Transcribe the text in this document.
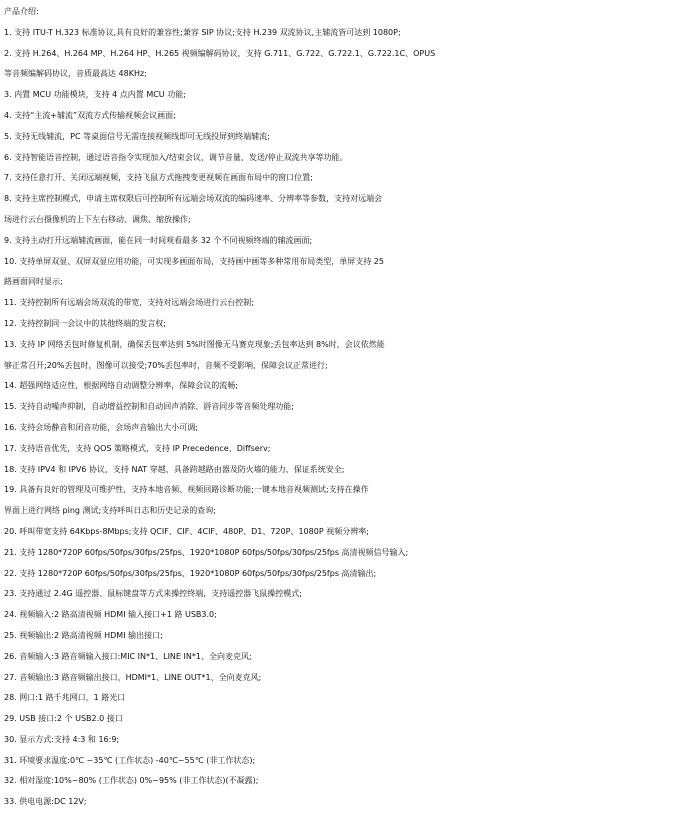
产品介绍:
1. 支持 ITU-T H.323 标准协议,具有良好的兼容性;兼容 SIP 协议;支持 H.239 双流协议,主辅流皆可达到 1080P;
2. 支持 H.264、H.264 MP、H.264 HP、H.265 视频编解码协议，支持 G.711、G.722、G.722.1、G.722.1C、OPUS
等音频编解码协议，音质最高达 48KHz;
3. 内置 MCU 功能模块，支持 4 点内置 MCU 功能;
4. 支持“主流+辅流”双流方式传输视频会议画面;
5. 支持无线辅流，PC 等桌面信号无需连接视频线即可无线投屏到终端辅流;
6. 支持智能语音控制，通过语音指令实现加入/结束会议、调节音量、发送/停止双流共享等功能。
7. 支持任意打开、关闭远端视频，支持飞鼠方式拖拽变更视频在画面布局中的窗口位置;
8. 支持主席控制模式，申请主席权限后可控制所有远端会场双流的编码速率、分辨率等参数，支持对远端会
场进行云台摄像机的上下左右移动、调焦、缩放操作;
9. 支持主动打开远端辅流画面，能在同一时间观看最多 32 个不同视频终端的辅流画面;
10. 支持单屏双显、双屏双显应用功能，可实现多画面布局，支持画中画等多种常用布局类型，单屏支持 25
路画面同时显示;
11. 支持控制所有远端会场双流的带宽，支持对远端会场进行云台控制;
12. 支持控制同一会议中的其他终端的发言权;
13. 支持 IP 网络丢包时修复机制，确保丢包率达到 5%时图像无马赛克现象;丢包率达到 8%时，会议依然能
够正常召开;20%丢包时，图像可以接受;70%丢包率时，音频不受影响，保障会议正常进行;
14. 超强网络适应性，根据网络自动调整分辨率，保障会议的流畅;
15. 支持自动噪声抑制，自动增益控制和自动回声消除、唇音同步等音频处理功能;
16. 支持会场静音和闭音功能，会场声音输出大小可调;
17. 支持语音优先，支持 QOS 策略模式，支持 IP Precedence、Diffserv;
18. 支持 IPV4 和 IPV6 协议，支持 NAT 穿越，具备跨越路由器及防火墙的能力，保证系统安全;
19. 具备有良好的管理及可维护性，支持本地音频、视频回路诊断功能;一键本地音视频测试;支持在操作
界面上进行网络 ping 测试;支持呼叫日志和历史记录的查询;
20. 呼叫带宽支持 64Kbps-8Mbps;支持 QCIF、CIF、4CIF、480P、D1、720P、1080P 视频分辨率;
21. 支持 1280*720P 60fps/50fps/30fps/25fps、1920*1080P 60fps/50fps/30fps/25fps 高清视频信号输入;
22. 支持 1280*720P 60fps/50fps/30fps/25fps、1920*1080P 60fps/50fps/30fps/25fps 高清输出;
23. 支持通过 2.4G 遥控器、鼠标键盘等方式来操控终端，支持遥控器飞鼠操控模式;
24. 视频输入:2 路高清视频 HDMI 输入接口+1 路 USB3.0;
25. 视频输出:2 路高清视频 HDMI 输出接口;
26. 音频输入:3 路音频输入接口:MIC IN*1、LINE IN*1、全向麦克风;
27. 音频输出:3 路音频输出接口，HDMI*1、LINE OUT*1、全向麦克风;
28. 网口:1 路千兆网口，1 路光口
29. USB 接口:2 个 USB2.0 接口
30. 显示方式:支持 4:3 和 16:9;
31. 环境要求温度:0℃ ~35℃ (工作状态) -40℃~55℃ (非工作状态);
32. 相对湿度:10%~80% (工作状态) 0%~95% (非工作状态)(不凝露);
33. 供电电源:DC 12V;
